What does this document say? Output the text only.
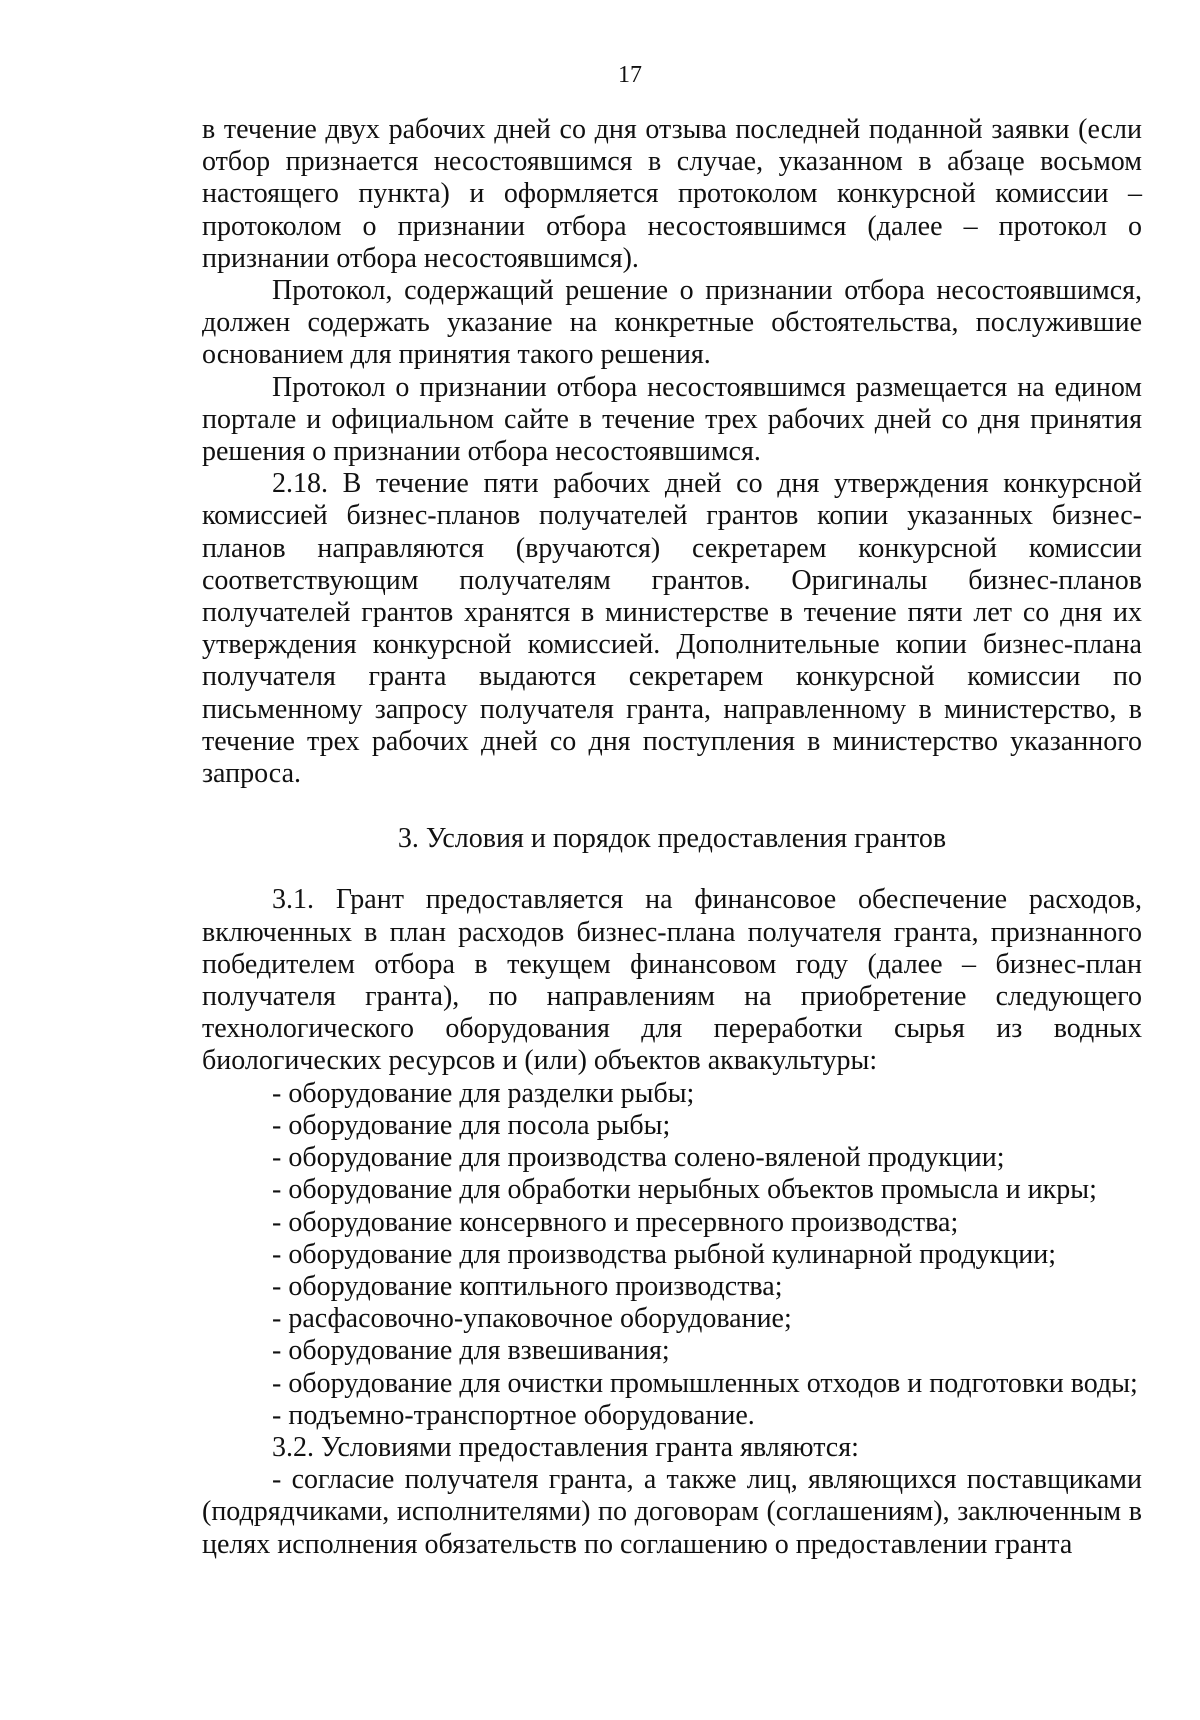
17

в течение двух рабочих дней со дня отзыва последней поданной заявки (если отбор признается несостоявшимся в случае, указанном в абзаце восьмом настоящего пункта) и оформляется протоколом конкурсной комиссии – протоколом о признании отбора несостоявшимся (далее – протокол о признании отбора несостоявшимся).

Протокол, содержащий решение о признании отбора несостоявшимся, должен содержать указание на конкретные обстоятельства, послужившие основанием для принятия такого решения.

Протокол о признании отбора несостоявшимся размещается на едином портале и официальном сайте в течение трех рабочих дней со дня принятия решения о признании отбора несостоявшимся.

2.18. В течение пяти рабочих дней со дня утверждения конкурсной комиссией бизнес-планов получателей грантов копии указанных бизнес-планов направляются (вручаются) секретарем конкурсной комиссии соответствующим получателям грантов. Оригиналы бизнес-планов получателей грантов хранятся в министерстве в течение пяти лет со дня их утверждения конкурсной комиссией. Дополнительные копии бизнес-плана получателя гранта выдаются секретарем конкурсной комиссии по письменному запросу получателя гранта, направленному в министерство, в течение трех рабочих дней со дня поступления в министерство указанного запроса.

3. Условия и порядок предоставления грантов

3.1. Грант предоставляется на финансовое обеспечение расходов, включенных в план расходов бизнес-плана получателя гранта, признанного победителем отбора в текущем финансовом году (далее – бизнес-план получателя гранта), по направлениям на приобретение следующего технологического оборудования для переработки сырья из водных биологических ресурсов и (или) объектов аквакультуры:

- оборудование для разделки рыбы;
- оборудование для посола рыбы;
- оборудование для производства солено-вяленой продукции;
- оборудование для обработки нерыбных объектов промысла и икры;
- оборудование консервного и пресервного производства;
- оборудование для производства рыбной кулинарной продукции;
- оборудование коптильного производства;
- расфасовочно-упаковочное оборудование;
- оборудование для взвешивания;
- оборудование для очистки промышленных отходов и подготовки воды;
- подъемно-транспортное оборудование.

3.2. Условиями предоставления гранта являются:

- согласие получателя гранта, а также лиц, являющихся поставщиками (подрядчиками, исполнителями) по договорам (соглашениям), заключенным в целях исполнения обязательств по соглашению о предоставлении гранта
